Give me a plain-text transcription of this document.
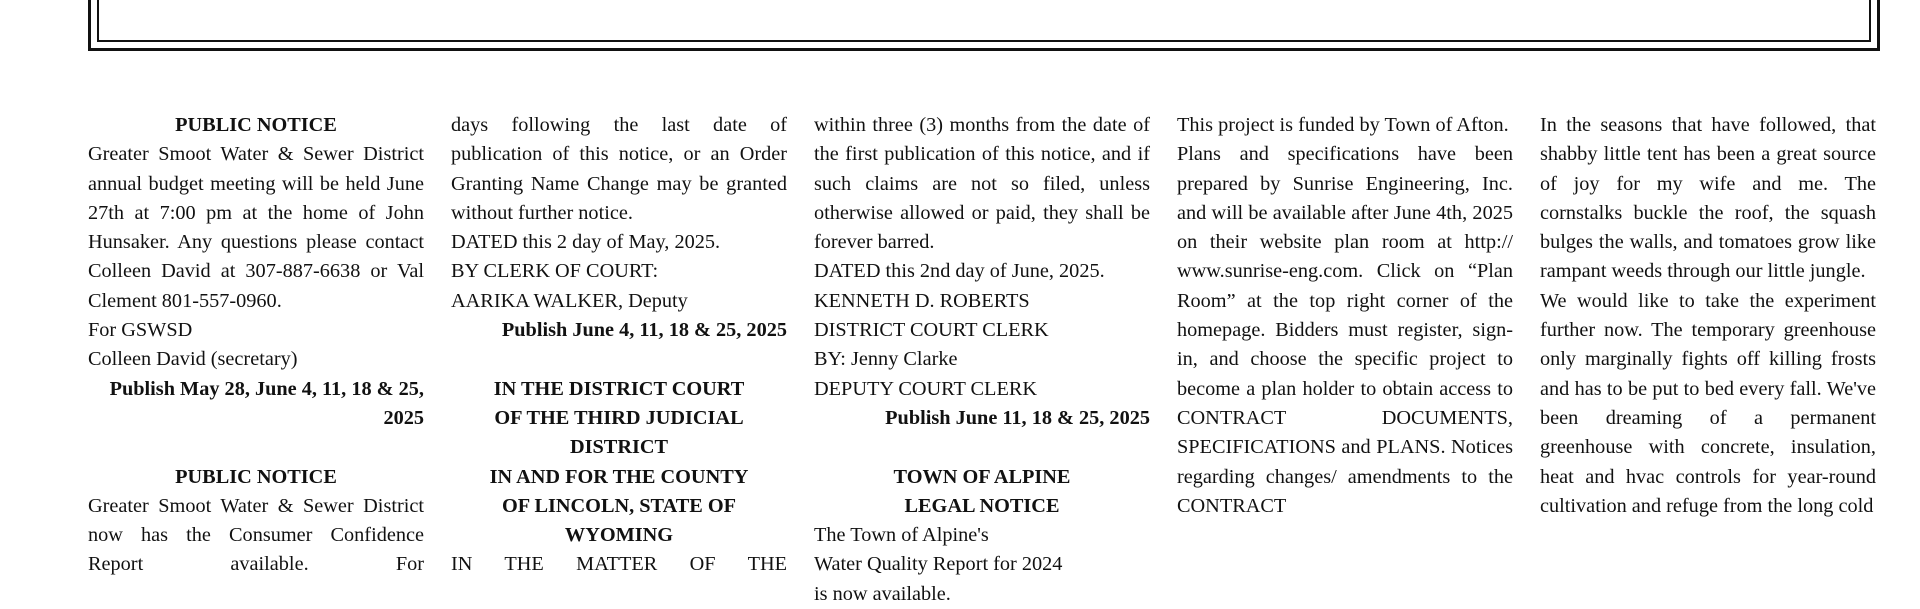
PUBLIC NOTICE

Greater Smoot Water & Sewer District annual budget meeting will be held June 27th at 7:00 pm at the home of John Hunsaker. Any questions please contact Colleen David at 307-887-6638 or Val Clement 801-557-0960.

For GSWSD

Colleen David (secretary)

Publish May 28, June 4, 11, 18 & 25, 2025

PUBLIC NOTICE

Greater Smoot Water & Sewer District now has the Consumer Confidence Report available. For

days following the last date of publication of this notice, or an Order Granting Name Change may be granted without further notice.

DATED this 2 day of May, 2025.

BY CLERK OF COURT:

AARIKA WALKER, Deputy

Publish June 4, 11, 18 & 25, 2025

IN THE DISTRICT COURT

OF THE THIRD JUDICIAL

DISTRICT

IN AND FOR THE COUNTY

OF LINCOLN, STATE OF

WYOMING

IN THE MATTER OF THE

within three (3) months from the date of the first publication of this notice, and if such claims are not so filed, unless otherwise allowed or paid, they shall be forever barred.

DATED this 2nd day of June, 2025.

KENNETH D. ROBERTS

DISTRICT COURT CLERK

BY: Jenny Clarke

DEPUTY COURT CLERK

Publish June 11, 18 & 25, 2025

TOWN OF ALPINE

LEGAL NOTICE

The Town of Alpine's

Water Quality Report for 2024

is now available.

This project is funded by Town of Afton.

Plans and specifications have been prepared by Sunrise Engineering, Inc. and will be available after June 4th, 2025 on their website plan room at http:// www.sunrise-eng.com. Click on “Plan Room” at the top right corner of the homepage. Bidders must register, sign-in, and choose the specific project to become a plan holder to obtain access to CONTRACT DOCUMENTS, SPECIFICATIONS and PLANS. Notices regarding changes/ amendments to the CONTRACT

In the seasons that have followed, that shabby little tent has been a great source of joy for my wife and me. The cornstalks buckle the roof, the squash bulges the walls, and tomatoes grow like rampant weeds through our little jungle.

We would like to take the experiment further now. The temporary greenhouse only marginally fights off killing frosts and has to be put to bed every fall. We've been dreaming of a permanent greenhouse with concrete, insulation, heat and hvac controls for year-round cultivation and refuge from the long cold
